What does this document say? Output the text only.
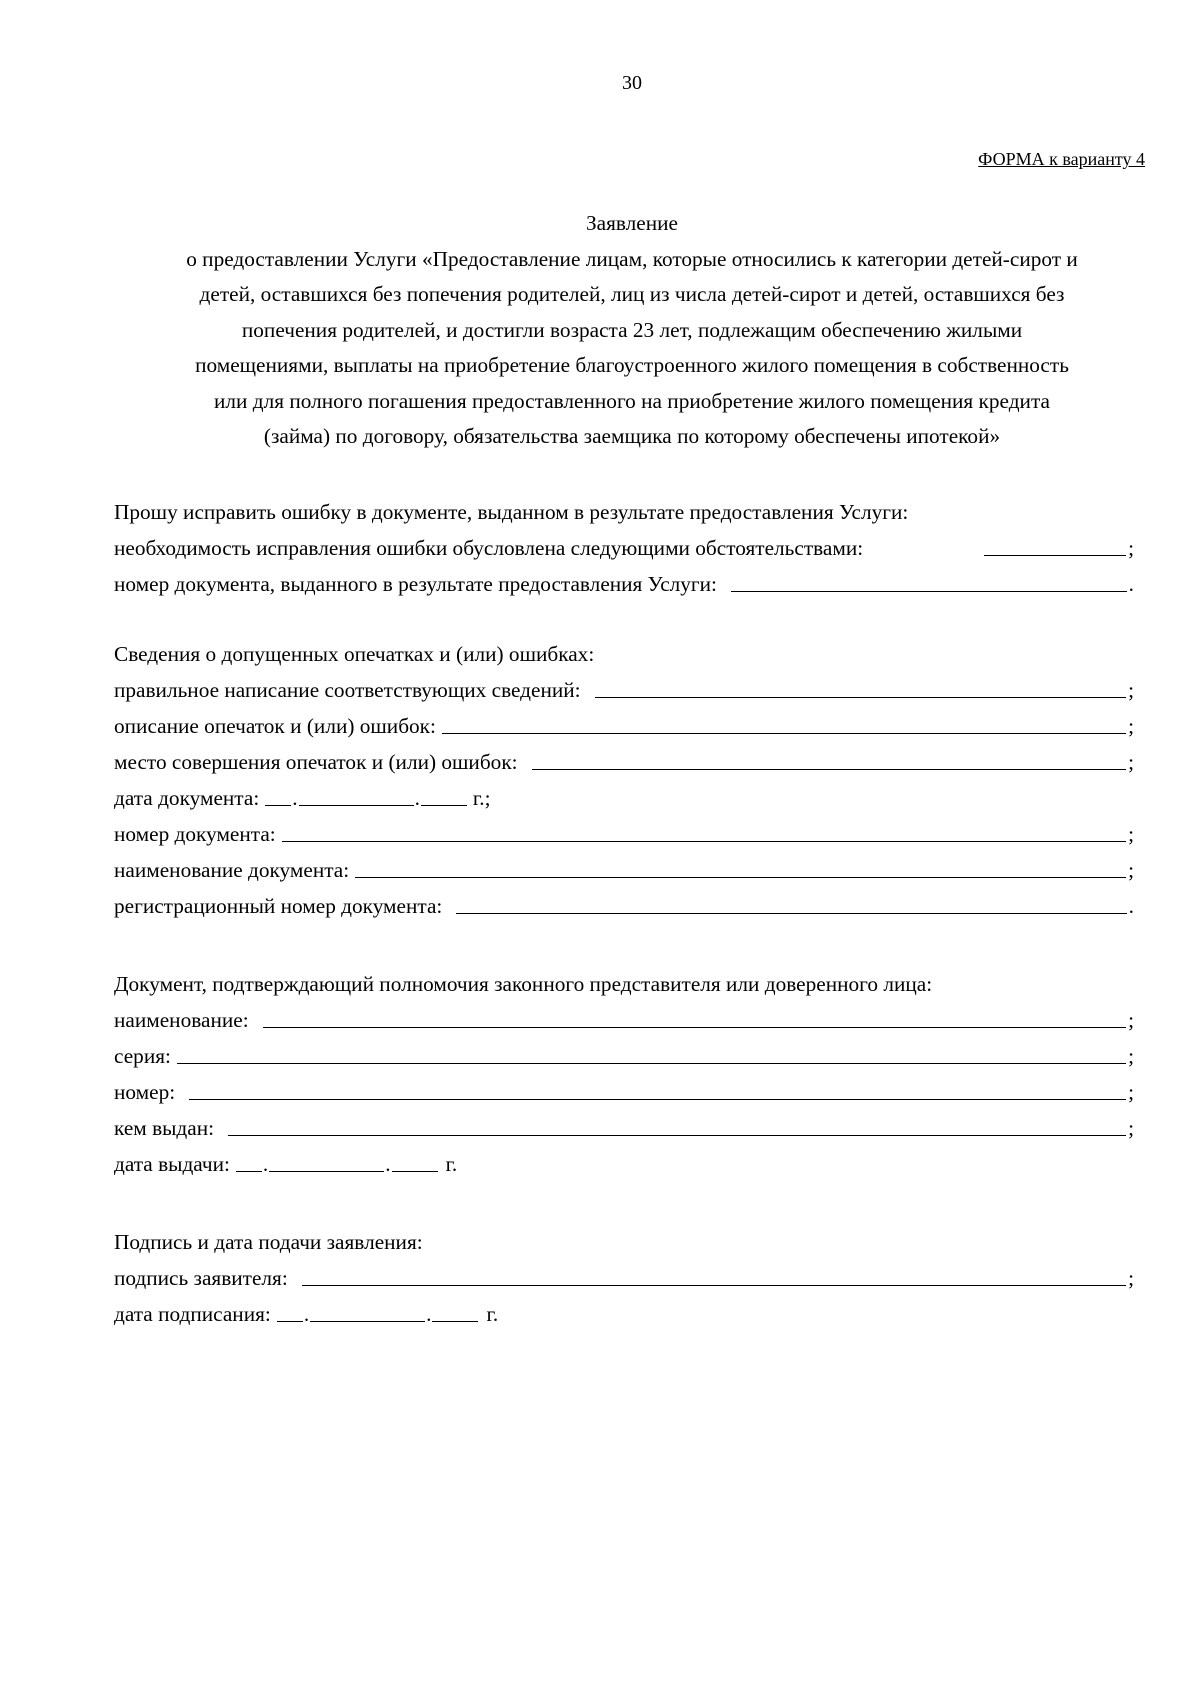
30
ФОРМА к варианту 4
Заявление
о предоставлении Услуги «Предоставление лицам, которые относились к категории детей-сирот и
детей, оставшихся без попечения родителей, лиц из числа детей-сирот и детей, оставшихся без
попечения родителей, и достигли возраста 23 лет, подлежащим обеспечению жилыми
помещениями, выплаты на приобретение благоустроенного жилого помещения в собственность
или для полного погашения предоставленного на приобретение жилого помещения кредита
(займа) по договору, обязательства заемщика по которому обеспечены ипотекой»
Прошу исправить ошибку в документе, выданном в результате предоставления Услуги:
необходимость исправления ошибки обусловлена следующими обстоятельствами:	;
номер документа, выданного в результате предоставления Услуги:	.
Сведения о допущенных опечатках и (или) ошибках:
правильное написание соответствующих сведений:	;
описание опечаток и (или) ошибок:	;
место совершения опечаток и (или) ошибок:	;
дата документа: .	. г.;
номер документа:	;
наименование документа:	;
регистрационный номер документа:	.
Документ, подтверждающий полномочия законного представителя или доверенного лица:
наименование:	;
серия:	;
номер:	;
кем выдан:	;
дата выдачи: .	.	г.
Подпись и дата подачи заявления:
подпись заявителя:	;
дата подписания: .	.	г.
